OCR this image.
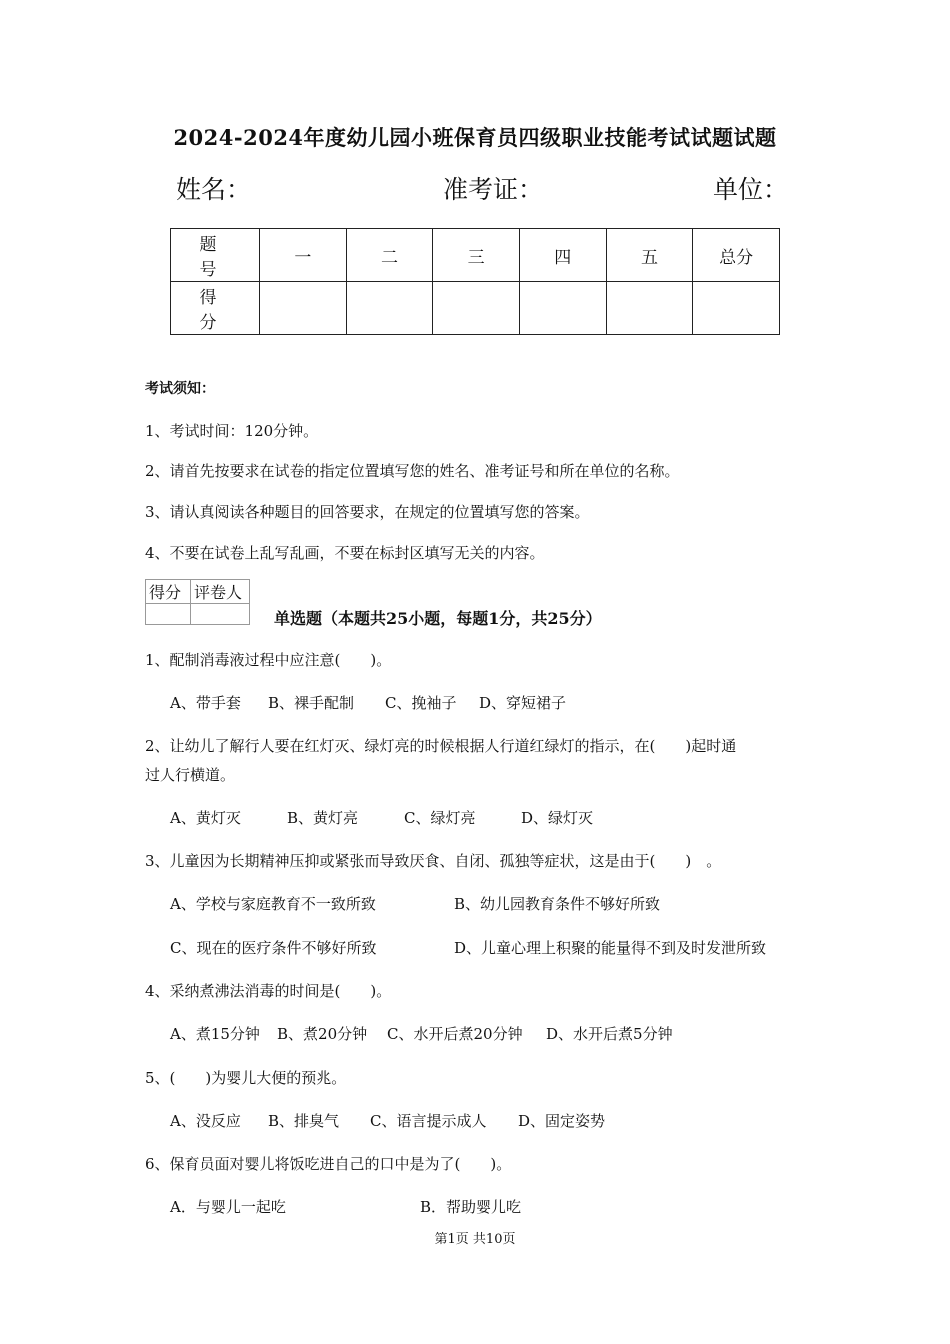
2024-2024年度幼儿园小班保育员四级职业技能考试试题试题
姓名：	准考证：	单位：
题　号	一	二	三	四	五	总分
得　分						
考试须知：
1、考试时间：120分钟。
2、请首先按要求在试卷的指定位置填写您的姓名、准考证号和所在单位的名称。
3、请认真阅读各种题目的回答要求，在规定的位置填写您的答案。
4、不要在试卷上乱写乱画，不要在标封区填写无关的内容。
得分	评卷人

单选题（本题共25小题，每题1分，共25分）
1、配制消毒液过程中应注意(　　)。
A、带手套 B、裸手配制 C、挽袖子 D、穿短裙子
2、让幼儿了解行人要在红灯灭、绿灯亮的时候根据人行道红绿灯的指示，在(　　)起时通
过人行横道。
A、黄灯灭	B、黄灯亮	C、绿灯亮	D、绿灯灭
3、儿童因为长期精神压抑或紧张而导致厌食、自闭、孤独等症状，这是由于(　　)　。
A、学校与家庭教育不一致所致	B、幼儿园教育条件不够好所致
C、现在的医疗条件不够好所致	D、儿童心理上积聚的能量得不到及时发泄所致
4、采纳煮沸法消毒的时间是(　　)。
A、煮15分钟 B、煮20分钟 C、水开后煮20分钟 D、水开后煮5分钟
5、(　　)为婴儿大便的预兆。
A、没反应 B、排臭气 C、语言提示成人 D、固定姿势
6、保育员面对婴儿将饭吃进自己的口中是为了(　　)。
A．与婴儿一起吃	B．帮助婴儿吃
第1页 共10页
